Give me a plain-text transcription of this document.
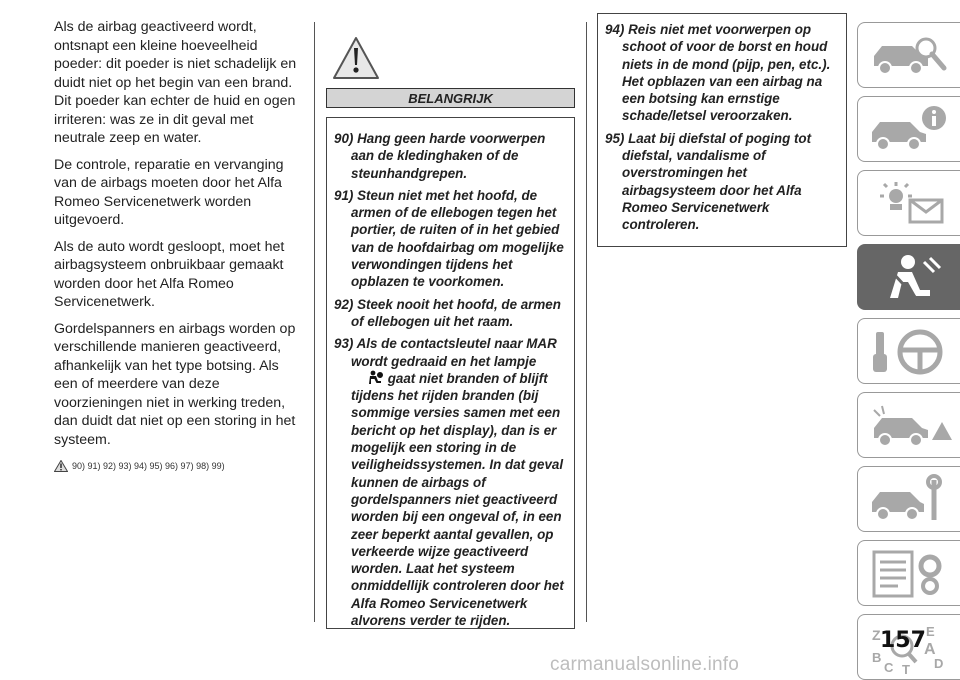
Als de airbag geactiveerd wordt, ontsnapt een kleine hoeveelheid poeder: dit poeder is niet schadelijk en duidt niet op het begin van een brand. Dit poeder kan echter de huid en ogen irriteren: was ze in dit geval met neutrale zeep en water.

De controle, reparatie en vervanging van de airbags moeten door het Alfa Romeo Servicenetwerk worden uitgevoerd.

Als de auto wordt gesloopt, moet het airbagsysteem onbruikbaar gemaakt worden door het Alfa Romeo Servicenetwerk.

Gordelspanners en airbags worden op verschillende manieren geactiveerd, afhankelijk van het type botsing. Als een of meerdere van deze voorzieningen niet in werking treden, dan duidt dat niet op een storing in het systeem.

90) 91) 92) 93) 94) 95) 96) 97) 98) 99)
BELANGRIJK
90) Hang geen harde voorwerpen aan de kledinghaken of de steunhandgrepen.
91) Steun niet met het hoofd, de armen of de ellebogen tegen het portier, de ruiten of in het gebied van de hoofdairbag om mogelijke verwondingen tijdens het opblazen te voorkomen.
92) Steek nooit het hoofd, de armen of ellebogen uit het raam.
93) Als de contactsleutel naar MAR wordt gedraaid en het lampje
gaat niet branden of blijft tijdens het rijden branden (bij sommige versies samen met een bericht op het display), dan is er mogelijk een storing in de veiligheidssystemen. In dat geval kunnen de airbags of gordelspanners niet geactiveerd worden bij een ongeval of, in een zeer beperkt aantal gevallen, op verkeerde wijze geactiveerd worden. Laat het systeem onmiddellijk controleren door het Alfa Romeo Servicenetwerk alvorens verder te rijden.
94) Reis niet met voorwerpen op schoot of voor de borst en houd niets in de mond (pijp, pen, etc.). Het opblazen van een airbag na een botsing kan ernstige schade/letsel veroorzaken.
95) Laat bij diefstal of poging tot diefstal, vandalisme of overstromingen het airbagsysteem door het Alfa Romeo Servicenetwerk controleren.
Z	E
A
B
C T D
157
carmanualsonline.info
